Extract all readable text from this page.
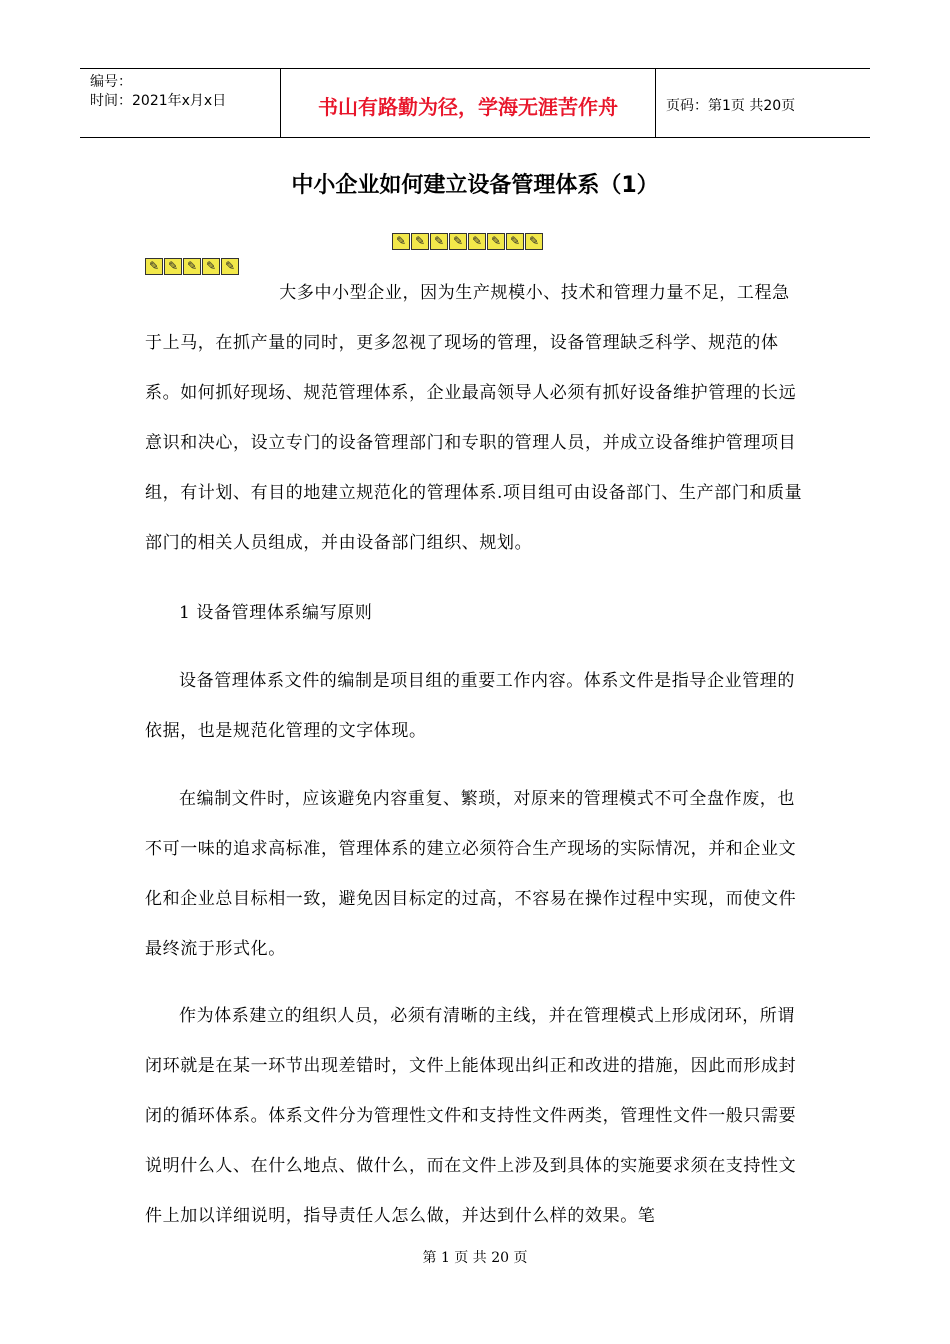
编号：
时间：2021年x月x日	书山有路勤为径，学海无涯苦作舟	页码：第1页 共20页
中小企业如何建立设备管理体系（1）
✎ ✎ ✎ ✎ ✎ ✎ ✎ ✎
✎ ✎ ✎ ✎ ✎

大多中小型企业，因为生产规模小、技术和管理力量不足，工程急于上马，在抓产量的同时，更多忽视了现场的管理，设备管理缺乏科学、规范的体系。如何抓好现场、规范管理体系，企业最高领导人必须有抓好设备维护管理的长远意识和决心，设立专门的设备管理部门和专职的管理人员，并成立设备维护管理项目组，有计划、有目的地建立规范化的管理体系.项目组可由设备部门、生产部门和质量部门的相关人员组成，并由设备部门组织、规划。

1 设备管理体系编写原则

设备管理体系文件的编制是项目组的重要工作内容。体系文件是指导企业管理的依据，也是规范化管理的文字体现。

在编制文件时，应该避免内容重复、繁琐，对原来的管理模式不可全盘作废，也不可一味的追求高标准，管理体系的建立必须符合生产现场的实际情况，并和企业文化和企业总目标相一致，避免因目标定的过高，不容易在操作过程中实现，而使文件最终流于形式化。

作为体系建立的组织人员，必须有清晰的主线，并在管理模式上形成闭环，所谓闭环就是在某一环节出现差错时，文件上能体现出纠正和改进的措施，因此而形成封闭的循环体系。体系文件分为管理性文件和支持性文件两类，管理性文件一般只需要说明什么人、在什么地点、做什么，而在文件上涉及到具体的实施要求须在支持性文件上加以详细说明，指导责任人怎么做，并达到什么样的效果。笔

第 1 页 共 20 页
